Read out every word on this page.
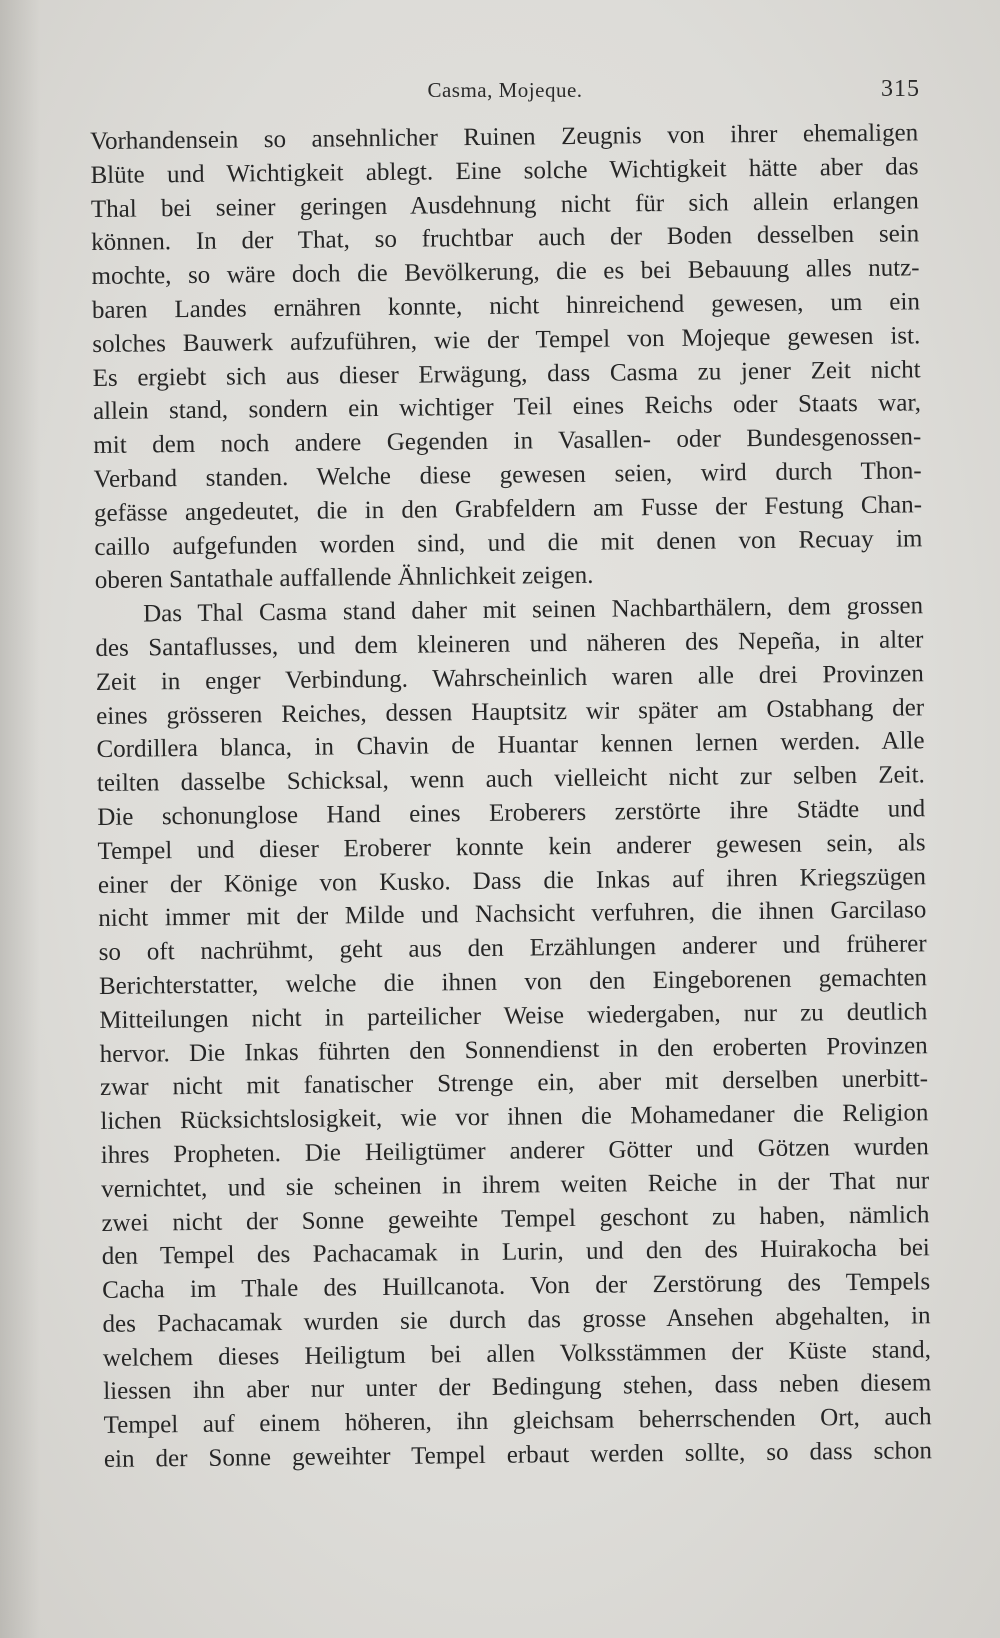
Casma, Mojeque.	315
Vorhandensein so ansehnlicher Ruinen Zeugnis von ihrer ehemaligen
Blüte und Wichtigkeit ablegt. Eine solche Wichtigkeit hätte aber das
Thal bei seiner geringen Ausdehnung nicht für sich allein erlangen
können. In der That, so fruchtbar auch der Boden desselben sein
mochte, so wäre doch die Bevölkerung, die es bei Bebauung alles nutz-
baren Landes ernähren konnte, nicht hinreichend gewesen, um ein
solches Bauwerk aufzuführen, wie der Tempel von Mojeque gewesen ist.
Es ergiebt sich aus dieser Erwägung, dass Casma zu jener Zeit nicht
allein stand, sondern ein wichtiger Teil eines Reichs oder Staats war,
mit dem noch andere Gegenden in Vasallen- oder Bundesgenossen-
Verband standen. Welche diese gewesen seien, wird durch Thon-
gefässe angedeutet, die in den Grabfeldern am Fusse der Festung Chan-
caillo aufgefunden worden sind, und die mit denen von Recuay im
oberen Santathale auffallende Ähnlichkeit zeigen.
Das Thal Casma stand daher mit seinen Nachbarthälern, dem grossen
des Santaflusses, und dem kleineren und näheren des Nepeña, in alter
Zeit in enger Verbindung. Wahrscheinlich waren alle drei Provinzen
eines grösseren Reiches, dessen Hauptsitz wir später am Ostabhang der
Cordillera blanca, in Chavin de Huantar kennen lernen werden. Alle
teilten dasselbe Schicksal, wenn auch vielleicht nicht zur selben Zeit.
Die schonunglose Hand eines Eroberers zerstörte ihre Städte und
Tempel und dieser Eroberer konnte kein anderer gewesen sein, als
einer der Könige von Kusko. Dass die Inkas auf ihren Kriegszügen
nicht immer mit der Milde und Nachsicht verfuhren, die ihnen Garcilaso
so oft nachrühmt, geht aus den Erzählungen anderer und früherer
Berichterstatter, welche die ihnen von den Eingeborenen gemachten
Mitteilungen nicht in parteilicher Weise wiedergaben, nur zu deutlich
hervor. Die Inkas führten den Sonnendienst in den eroberten Provinzen
zwar nicht mit fanatischer Strenge ein, aber mit derselben unerbitt-
lichen Rücksichtslosigkeit, wie vor ihnen die Mohamedaner die Religion
ihres Propheten. Die Heiligtümer anderer Götter und Götzen wurden
vernichtet, und sie scheinen in ihrem weiten Reiche in der That nur
zwei nicht der Sonne geweihte Tempel geschont zu haben, nämlich
den Tempel des Pachacamak in Lurin, und den des Huirakocha bei
Cacha im Thale des Huillcanota. Von der Zerstörung des Tempels
des Pachacamak wurden sie durch das grosse Ansehen abgehalten, in
welchem dieses Heiligtum bei allen Volksstämmen der Küste stand,
liessen ihn aber nur unter der Bedingung stehen, dass neben diesem
Tempel auf einem höheren, ihn gleichsam beherrschenden Ort, auch
ein der Sonne geweihter Tempel erbaut werden sollte, so dass schon
